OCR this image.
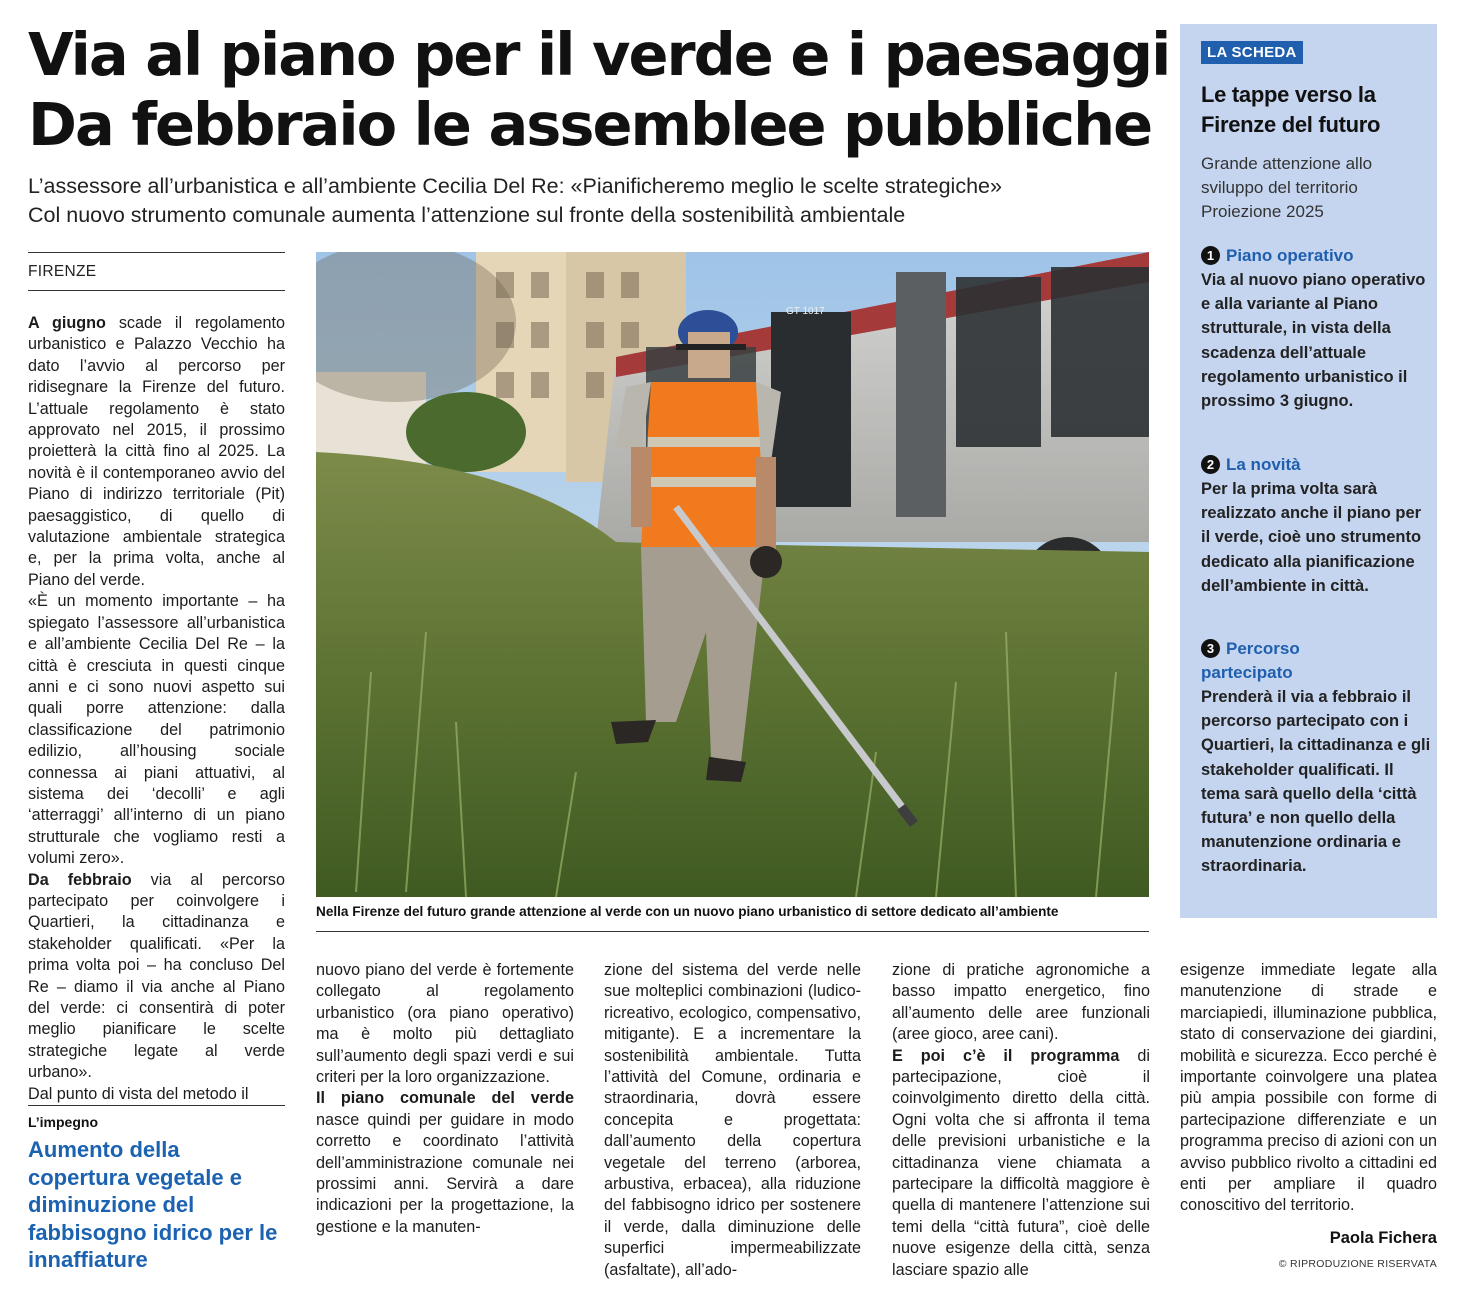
Via al piano per il verde e i paesaggi
Da febbraio le assemblee pubbliche
L’assessore all’urbanistica e all’ambiente Cecilia Del Re: «Pianificheremo meglio le scelte strategiche»
Col nuovo strumento comunale aumenta l’attenzione sul fronte della sostenibilità ambientale
FIRENZE

A giugno scade il regolamento urbanistico e Palazzo Vecchio ha dato l’avvio al percorso per ridisegnare la Firenze del futuro. L’attuale regolamento è stato approvato nel 2015, il prossimo proietterà la città fino al 2025. La novità è il contemporaneo avvio del Piano di indirizzo territoriale (Pit) paesaggistico, di quello di valutazione ambientale strategica e, per la prima volta, anche al Piano del verde.

«È un momento importante – ha spiegato l’assessore all’urbanistica e all’ambiente Cecilia Del Re – la città è cresciuta in questi cinque anni e ci sono nuovi aspetto sui quali porre attenzione: dalla classificazione del patrimonio edilizio, all’housing sociale connessa ai piani attuativi, al sistema dei ‘decolli’ e agli ‘atterraggi’ all’interno di un piano strutturale che vogliamo resti a volumi zero».

Da febbraio via al percorso partecipato per coinvolgere i Quartieri, la cittadinanza e stakeholder qualificati. «Per la prima volta poi – ha concluso Del Re – diamo il via anche al Piano del verde: ci consentirà di poter meglio pianificare le scelte strategiche legate al verde urbano».

Dal punto di vista del metodo il

L’impegno
Aumento della copertura vegetale e diminuzione del fabbisogno idrico per le innaffiature
GT 1017
Nella Firenze del futuro grande attenzione al verde con un nuovo piano urbanistico di settore dedicato all’ambiente

nuovo piano del verde è fortemente collegato al regolamento urbanistico (ora piano operativo) ma è molto più dettagliato sull’aumento degli spazi verdi e sui criteri per la loro organizzazione.

Il piano comunale del verde nasce quindi per guidare in modo corretto e coordinato l’attività dell’amministrazione comunale nei prossimi anni. Servirà a dare indicazioni per la progettazione, la gestione e la manuten-

zione del sistema del verde nelle sue molteplici combinazioni (ludico-ricreativo, ecologico, compensativo, mitigante). E a incrementare la sostenibilità ambientale. Tutta l’attività del Comune, ordinaria e straordinaria, dovrà essere concepita e progettata: dall’aumento della copertura vegetale del terreno (arborea, arbustiva, erbacea), alla riduzione del fabbisogno idrico per sostenere il verde, dalla diminuzione delle superfici impermeabilizzate (asfaltate), all’ado-

zione di pratiche agronomiche a basso impatto energetico, fino all’aumento delle aree funzionali (aree gioco, aree cani).

E poi c’è il programma di partecipazione, cioè il coinvolgimento diretto della città. Ogni volta che si affronta il tema delle previsioni urbanistiche e la cittadinanza viene chiamata a partecipare la difficoltà maggiore è quella di mantenere l’attenzione sui temi della “città futura”, cioè delle nuove esigenze della città, senza lasciare spazio alle

esigenze immediate legate alla manutenzione di strade e marciapiedi, illuminazione pubblica, stato di conservazione dei giardini, mobilità e sicurezza. Ecco perché è importante coinvolgere una platea più ampia possibile con forme di partecipazione differenziate e un programma preciso di azioni con un avviso pubblico rivolto a cittadini ed enti per ampliare il quadro conoscitivo del territorio.

Paola Fichera
© RIPRODUZIONE RISERVATA
LA SCHEDA
Le tappe verso la Firenze del futuro
Grande attenzione allo sviluppo del territorio Proiezione 2025
1 Piano operativo
Via al nuovo piano operativo e alla variante al Piano strutturale, in vista della scadenza dell’attuale regolamento urbanistico il prossimo 3 giugno.
2 La novità
Per la prima volta sarà realizzato anche il piano per il verde, cioè uno strumento dedicato alla pianificazione dell’ambiente in città.
3 Percorso partecipato
Prenderà il via a febbraio il percorso partecipato con i Quartieri, la cittadinanza e gli stakeholder qualificati. Il tema sarà quello della ‘città futura’ e non quello della manutenzione ordinaria e straordinaria.
